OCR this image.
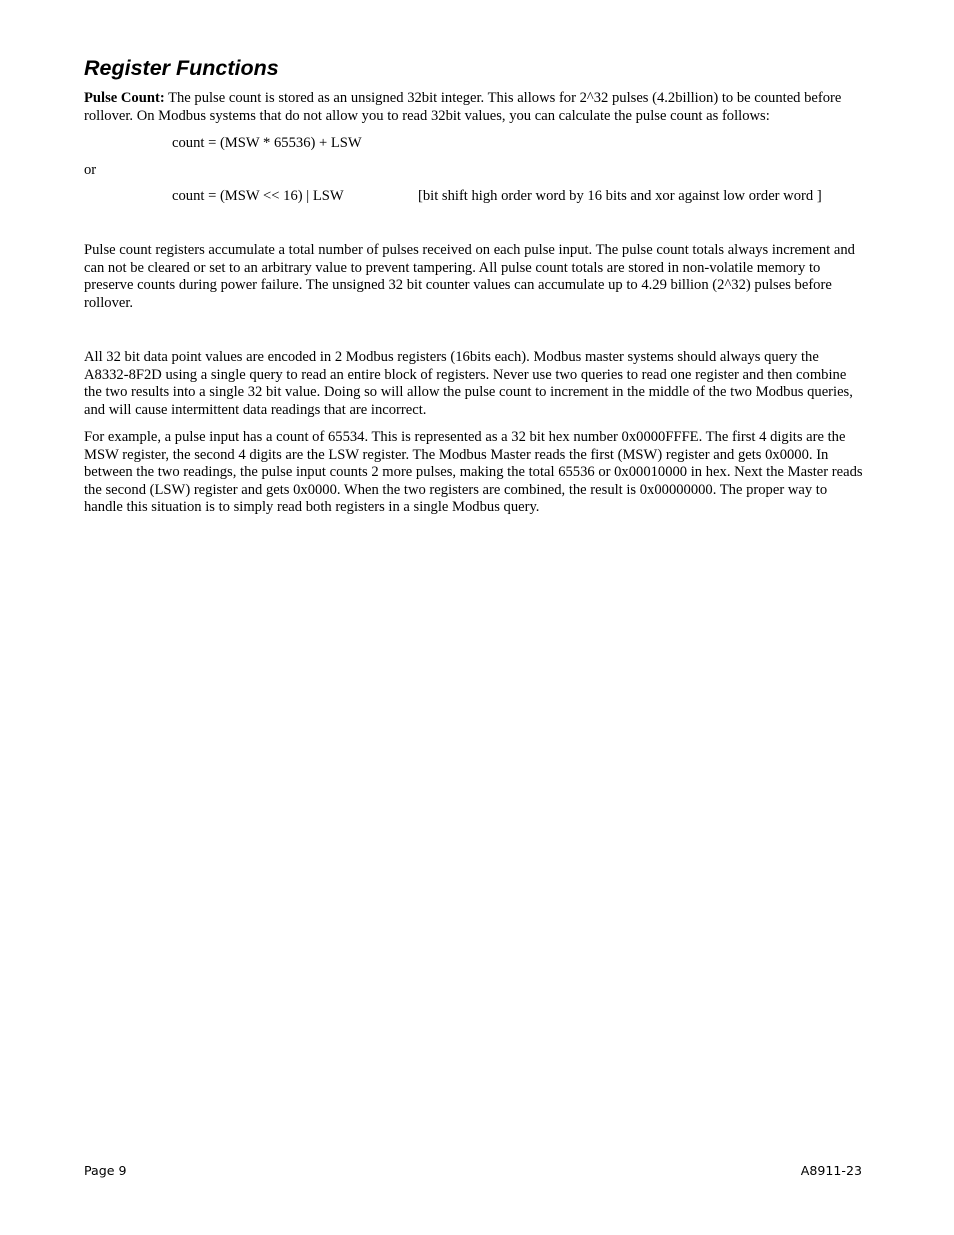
Register Functions

Pulse Count: The pulse count is stored as an unsigned 32bit integer. This allows for 2^32 pulses (4.2billion) to be counted before rollover. On Modbus systems that do not allow you to read 32bit values, you can calculate the pulse count as follows:

count = (MSW * 65536) + LSW

or

count = (MSW << 16) | LSW	[bit shift high order word by 16 bits and xor against low order word ]

Pulse count registers accumulate a total number of pulses received on each pulse input. The pulse count totals always increment and can not be cleared or set to an arbitrary value to prevent tampering. All pulse count totals are stored in non-volatile memory to preserve counts during power failure. The unsigned 32 bit counter values can accumulate up to 4.29 billion (2^32) pulses before rollover.

All 32 bit data point values are encoded in 2 Modbus registers (16bits each). Modbus master systems should always query the A8332-8F2D using a single query to read an entire block of registers. Never use two queries to read one register and then combine the two results into a single 32 bit value. Doing so will allow the pulse count to increment in the middle of the two Modbus queries, and will cause intermittent data readings that are incorrect.

For example, a pulse input has a count of 65534. This is represented as a 32 bit hex number 0x0000FFFE. The first 4 digits are the MSW register, the second 4 digits are the LSW register. The Modbus Master reads the first (MSW) register and gets 0x0000. In between the two readings, the pulse input counts 2 more pulses, making the total 65536 or 0x00010000 in hex. Next the Master reads the second (LSW) register and gets 0x0000. When the two registers are combined, the result is 0x00000000. The proper way to handle this situation is to simply read both registers in a single Modbus query.

Page 9	A8911-23
